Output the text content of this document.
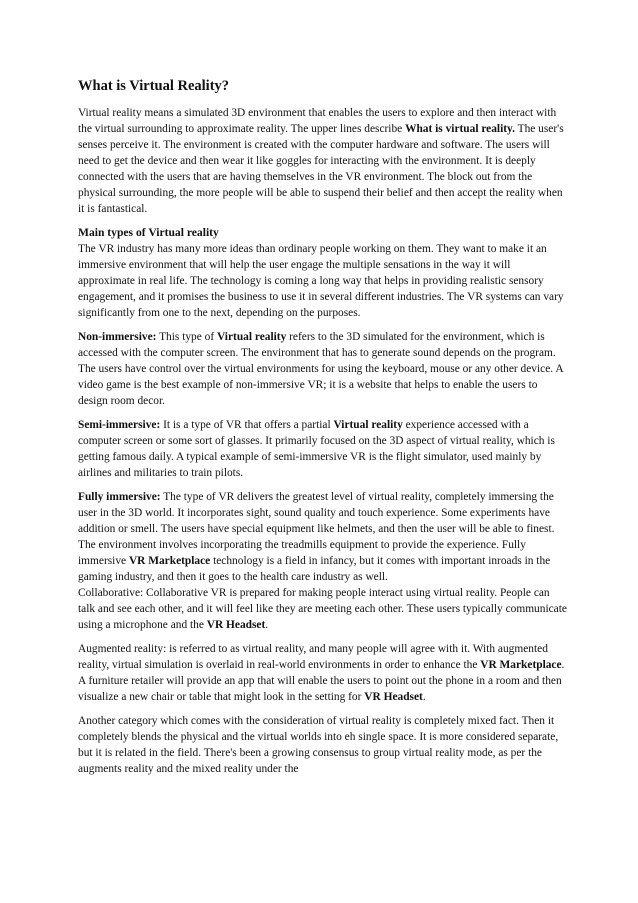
What is Virtual Reality?

Virtual reality means a simulated 3D environment that enables the users to explore and then interact with the virtual surrounding to approximate reality. The upper lines describe What is virtual reality. The user's senses perceive it. The environment is created with the computer hardware and software. The users will need to get the device and then wear it like goggles for interacting with the environment. It is deeply connected with the users that are having themselves in the VR environment. The block out from the physical surrounding, the more people will be able to suspend their belief and then accept the reality when it is fantastical.

Main types of Virtual reality

The VR industry has many more ideas than ordinary people working on them. They want to make it an immersive environment that will help the user engage the multiple sensations in the way it will approximate in real life. The technology is coming a long way that helps in providing realistic sensory engagement, and it promises the business to use it in several different industries. The VR systems can vary significantly from one to the next, depending on the purposes.

Non-immersive: This type of Virtual reality refers to the 3D simulated for the environment, which is accessed with the computer screen. The environment that has to generate sound depends on the program. The users have control over the virtual environments for using the keyboard, mouse or any other device. A video game is the best example of non-immersive VR; it is a website that helps to enable the users to design room decor.

Semi-immersive: It is a type of VR that offers a partial Virtual reality experience accessed with a computer screen or some sort of glasses. It primarily focused on the 3D aspect of virtual reality, which is getting famous daily. A typical example of semi-immersive VR is the flight simulator, used mainly by airlines and militaries to train pilots.

Fully immersive: The type of VR delivers the greatest level of virtual reality, completely immersing the user in the 3D world. It incorporates sight, sound quality and touch experience. Some experiments have addition or smell. The users have special equipment like helmets, and then the user will be able to finest. The environment involves incorporating the treadmills equipment to provide the experience. Fully immersive VR Marketplace technology is a field in infancy, but it comes with important inroads in the gaming industry, and then it goes to the health care industry as well.
Collaborative: Collaborative VR is prepared for making people interact using virtual reality. People can talk and see each other, and it will feel like they are meeting each other. These users typically communicate using a microphone and the VR Headset.

Augmented reality: is referred to as virtual reality, and many people will agree with it. With augmented reality, virtual simulation is overlaid in real-world environments in order to enhance the VR Marketplace. A furniture retailer will provide an app that will enable the users to point out the phone in a room and then visualize a new chair or table that might look in the setting for VR Headset.

Another category which comes with the consideration of virtual reality is completely mixed fact. Then it completely blends the physical and the virtual worlds into eh single space. It is more considered separate, but it is related in the field. There's been a growing consensus to group virtual reality mode, as per the augments reality and the mixed reality under the
